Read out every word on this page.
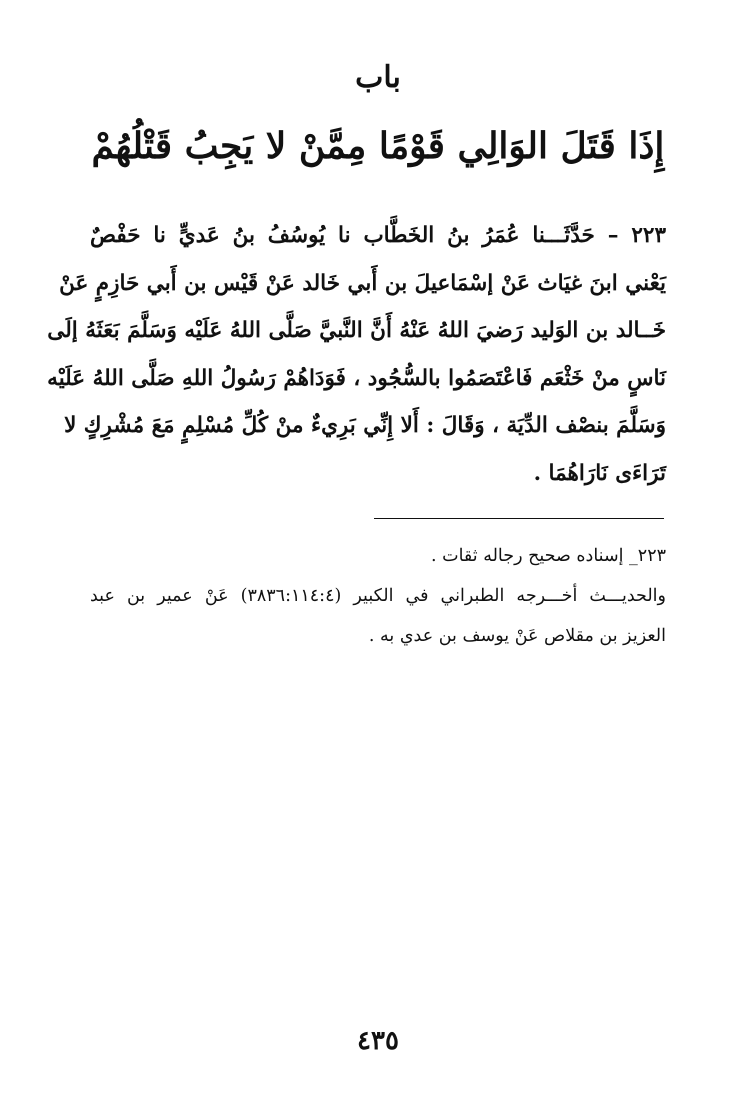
باب
إِذَا قَتَلَ الوَالِي قَوْمًا مِمَّنْ لا يَجِبُ قَتْلُهُمْ
٢٢٣ – حَدَّثَـــنا عُمَرُ بنُ الخَطَّاب نا يُوسُفُ بنُ عَديٍّ نا حَفْصٌ
يَعْني ابنَ غيَاث عَنْ إسْمَاعيلَ بن أَبي خَالد عَنْ قَيْس بن أَبي حَازِمٍ عَنْ
خَــالد بن الوَليد رَضيَ اللهُ عَنْهُ أَنَّ النَّبيَّ صَلَّى اللهُ عَلَيْه وَسَلَّمَ بَعَثَهُ إلَى
نَاسٍ منْ خَثْعَم فَاعْتَصَمُوا بالسُّجُود ، فَوَدَاهُمْ رَسُولُ اللهِ صَلَّى اللهُ عَلَيْه
وَسَلَّمَ بنصْف الدِّيَة ، وَقَالَ : أَلا إِنِّي بَرِيءٌ منْ كُلِّ مُسْلِمٍ مَعَ مُشْرِكٍ لا
تَرَاءَى نَارَاهُمَا .
٢٢٣_ إسناده صحيح رجاله ثقات .
والحديـــث أخـــرجه الطبراني في الكبير (٣٨٣٦:١١٤:٤) عَنْ عمير بن عبد
العزيز بن مقلاص عَنْ يوسف بن عدي به .
٤٣٥
